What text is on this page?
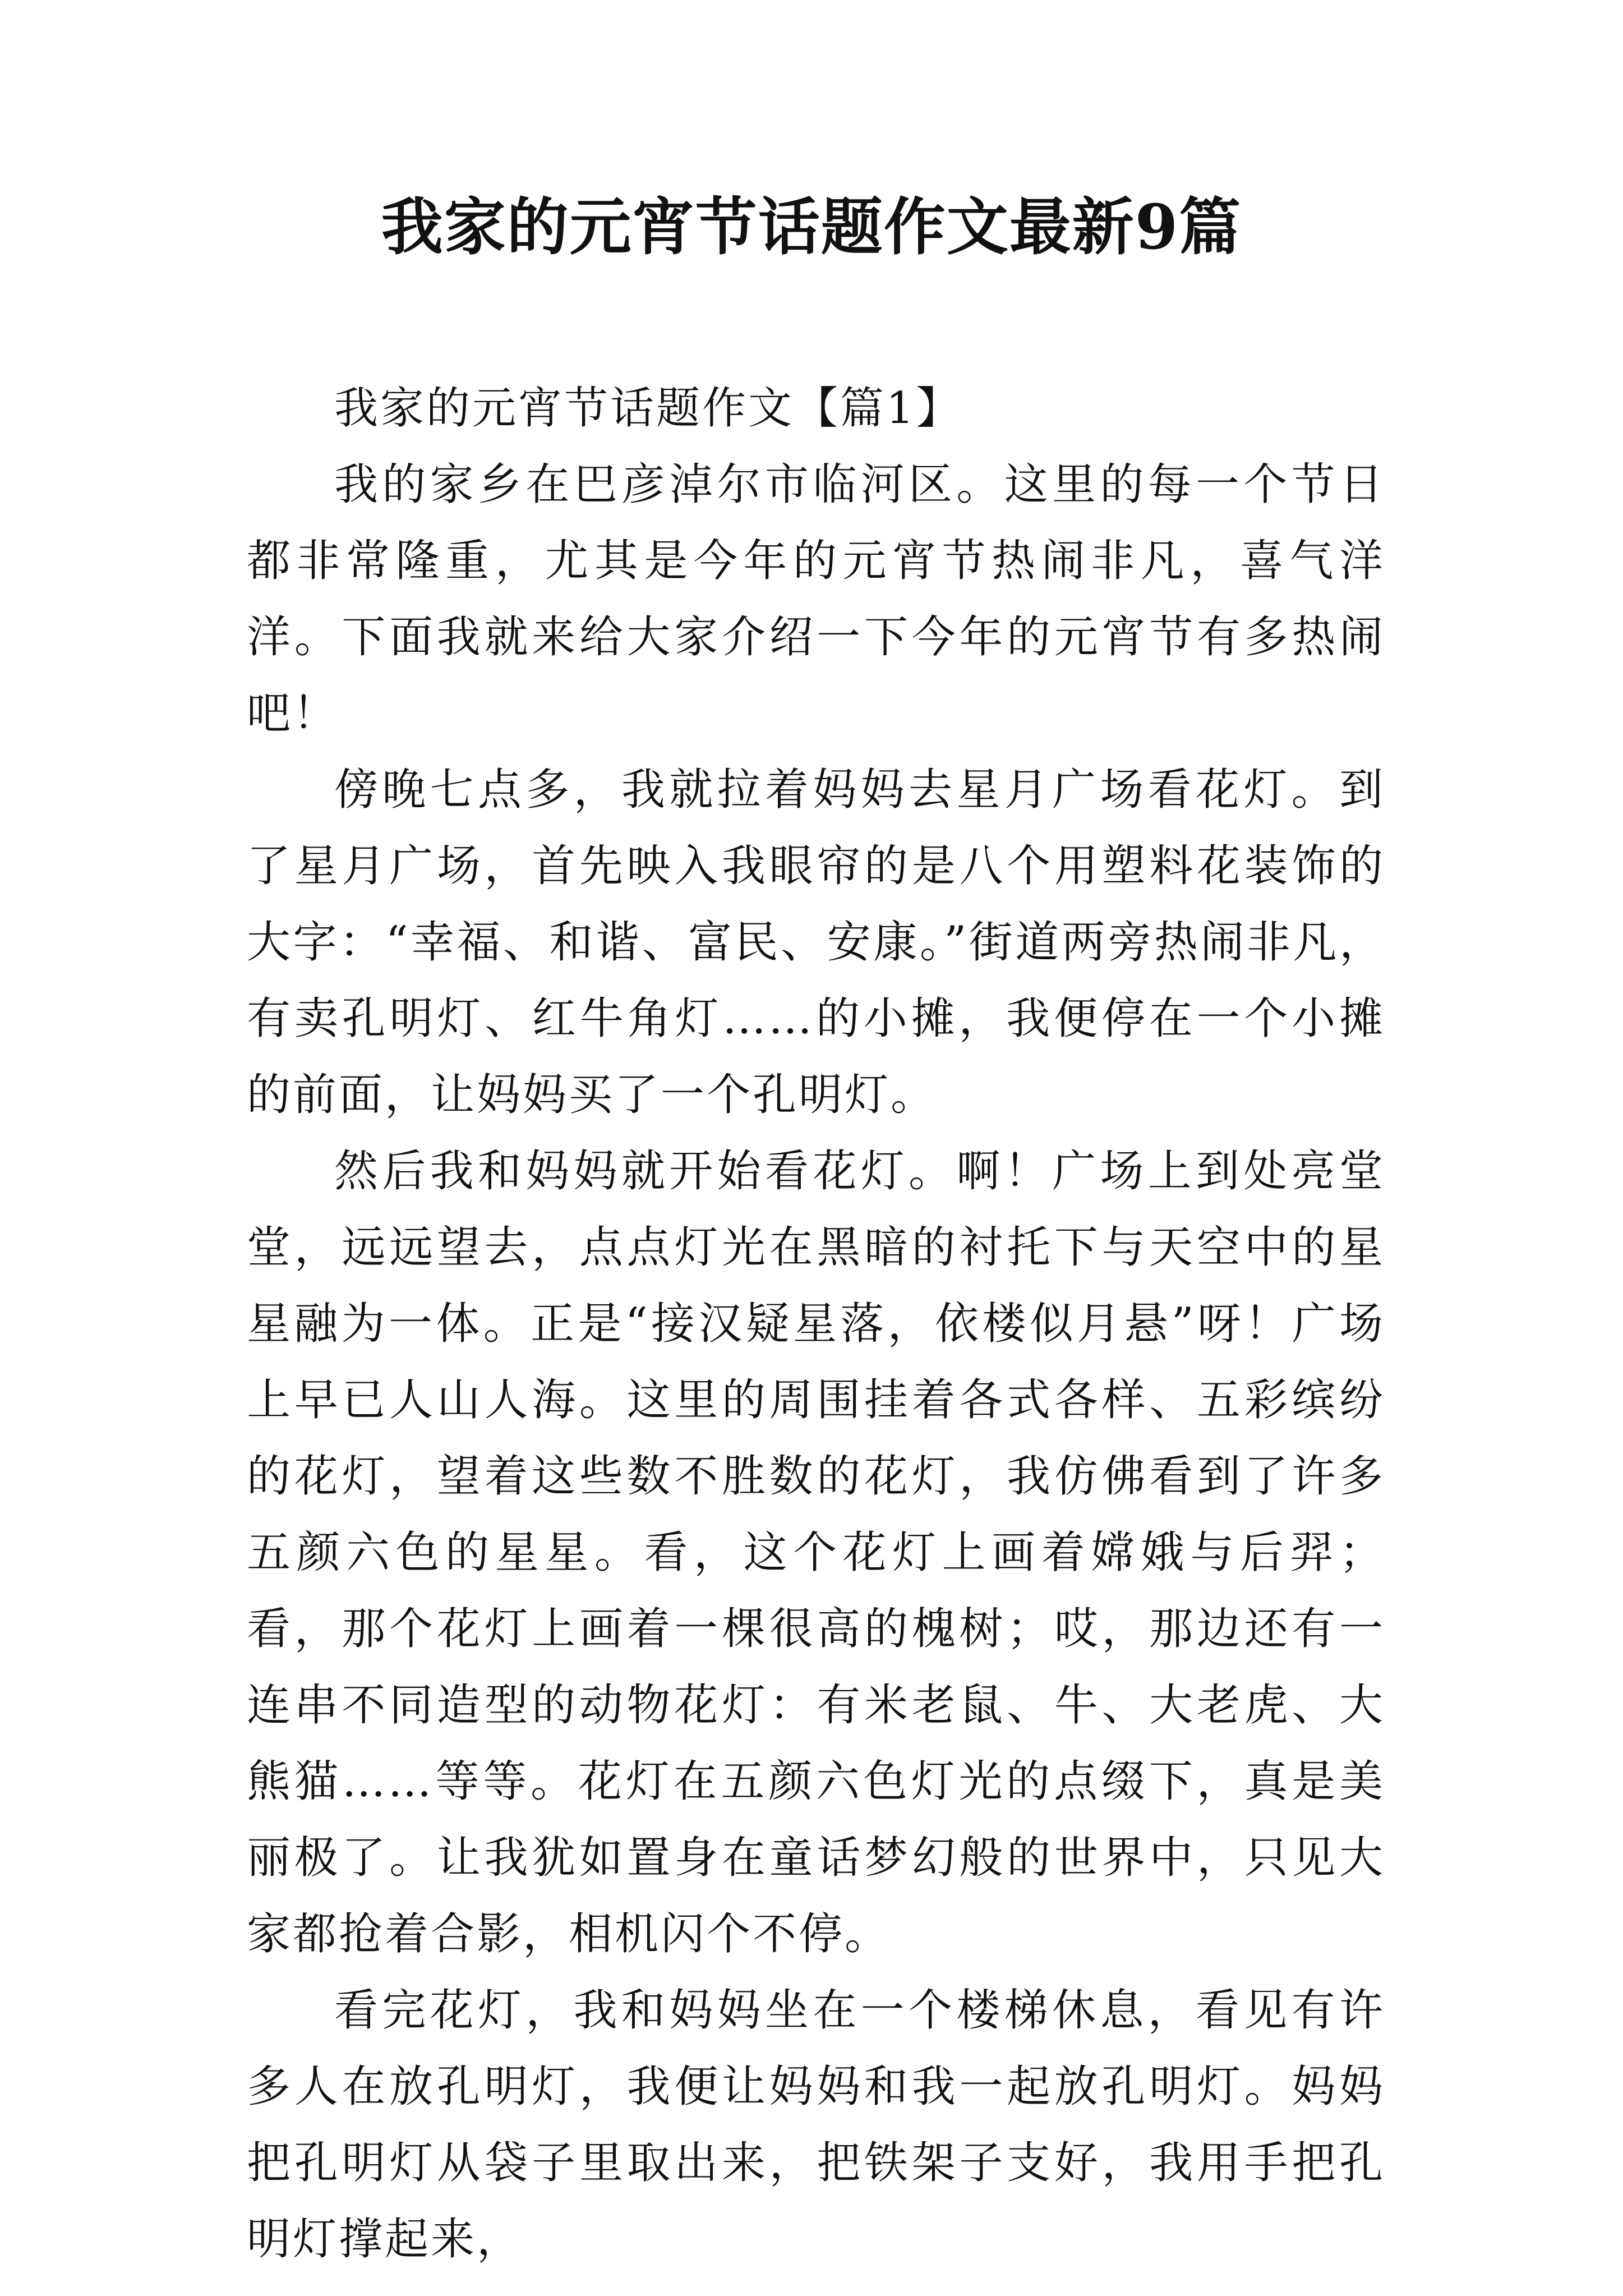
我家的元宵节话题作文最新9篇

我家的元宵节话题作文【篇1】

我的家乡在巴彦淖尔市临河区。这里的每一个节日都非常隆重，尤其是今年的元宵节热闹非凡，喜气洋洋。下面我就来给大家介绍一下今年的元宵节有多热闹吧！

傍晚七点多，我就拉着妈妈去星月广场看花灯。到了星月广场，首先映入我眼帘的是八个用塑料花装饰的大字：“幸福、和谐、富民、安康。”街道两旁热闹非凡，有卖孔明灯、红牛角灯……的小摊，我便停在一个小摊的前面，让妈妈买了一个孔明灯。

然后我和妈妈就开始看花灯。啊！广场上到处亮堂堂，远远望去，点点灯光在黑暗的衬托下与天空中的星星融为一体。正是“接汉疑星落，依楼似月悬”呀！广场上早已人山人海。这里的周围挂着各式各样、五彩缤纷的花灯，望着这些数不胜数的花灯，我仿佛看到了许多五颜六色的星星。看，这个花灯上画着嫦娥与后羿；看，那个花灯上画着一棵很高的槐树；哎，那边还有一连串不同造型的动物花灯：有米老鼠、牛、大老虎、大熊猫……等等。花灯在五颜六色灯光的点缀下，真是美丽极了。让我犹如置身在童话梦幻般的世界中，只见大家都抢着合影，相机闪个不停。

看完花灯，我和妈妈坐在一个楼梯休息，看见有许多人在放孔明灯，我便让妈妈和我一起放孔明灯。妈妈把孔明灯从袋子里取出来，把铁架子支好，我用手把孔明灯撑起来，
